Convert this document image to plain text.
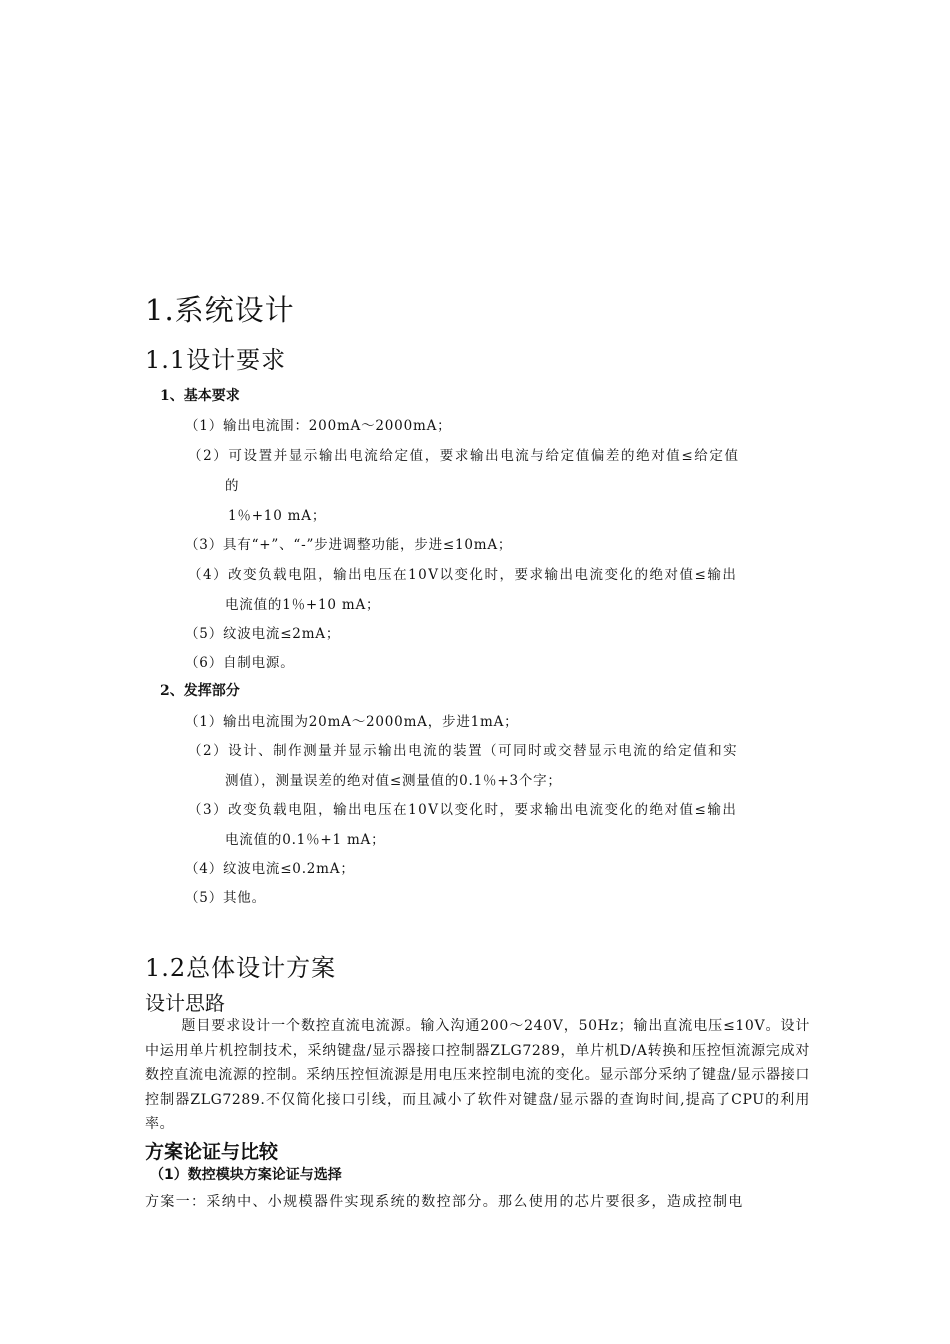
1.系统设计
1.1设计要求
1、基本要求
（1）输出电流围：200mA～2000mA；
（2）可设置并显示输出电流给定值，要求输出电流与给定值偏差的绝对值≤给定值
的
1％+10 mA；
（3）具有“+”、“-”步进调整功能，步进≤10mA；
（4）改变负载电阻，输出电压在10V以变化时，要求输出电流变化的绝对值≤输出
电流值的1％+10 mA；
（5）纹波电流≤2mA；
（6）自制电源。
2、发挥部分
（1）输出电流围为20mA～2000mA，步进1mA；
（2）设计、制作测量并显示输出电流的装置（可同时或交替显示电流的给定值和实
测值），测量误差的绝对值≤测量值的0.1％+3个字；
（3）改变负载电阻，输出电压在10V以变化时，要求输出电流变化的绝对值≤输出
电流值的0.1％+1 mA；
（4）纹波电流≤0.2mA；
（5）其他。
1.2总体设计方案
设计思路

题目要求设计一个数控直流电流源。输入沟通200～240V，50Hz；输出直流电压≤10V。设计中运用单片机控制技术，采纳键盘/显示器接口控制器ZLG7289，单片机D/A转换和压控恒流源完成对数控直流电流源的控制。采纳压控恒流源是用电压来控制电流的变化。显示部分采纳了键盘/显示器接口控制器ZLG7289.不仅简化接口引线，而且减小了软件对键盘/显示器的查询时间,提高了CPU的利用率。

方案论证与比较
（1）数控模块方案论证与选择
方案一：采纳中、小规模器件实现系统的数控部分。那么使用的芯片要很多，造成控制电
